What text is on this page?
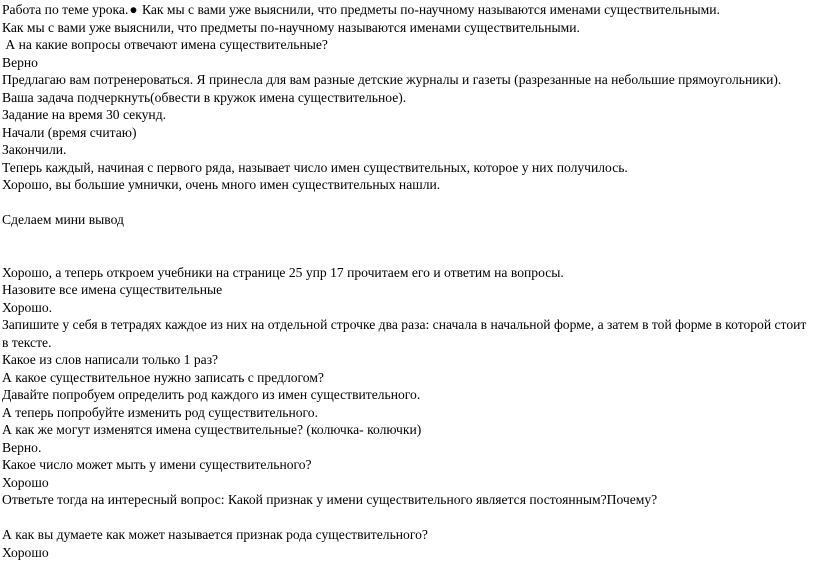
Работа по теме урока.● Как мы с вами уже выяснили, что предметы по-научному называются именами существительными.
Как мы с вами уже выяснили, что предметы по-научному называются именами существительными.
А на какие вопросы отвечают имена существительные?
Верно
Предлагаю вам потренероваться. Я принесла для вам разные детские журналы и газеты (разрезанные на небольшие прямоугольники).
Ваша задача подчеркнуть(обвести в кружок имена существительное).
Задание на время 30 секунд.
Начали (время считаю)
Закончили.
Теперь каждый, начиная с первого ряда, называет число имен существительных, которое у них получилось.
Хорошо, вы большие умнички, очень много имен существительных нашли.
Сделаем мини вывод
Хорошо, а теперь откроем учебники на странице 25 упр 17 прочитаем его и ответим на вопросы.
Назовите все имена существительные
Хорошо.
Запишите у себя в тетрадях каждое из них на отдельной строчке два раза: сначала в начальной форме, а затем в той форме в которой стоит в тексте.
Какое из слов написали только 1 раз?
А какое существительное нужно записать с предлогом?
Давайте попробуем определить род каждого из имен существительного.
А теперь попробуйте изменить род существительного.
А как же могут изменятся имена существительные? (колючка- колючки)
Верно.
Какое число может мыть у имени существительного?
Хорошо
Ответьте тогда на интересный вопрос: Какой признак у имени существительного является постоянным?Почему?
А как вы думаете как может называется признак рода существительного?
Хорошо
